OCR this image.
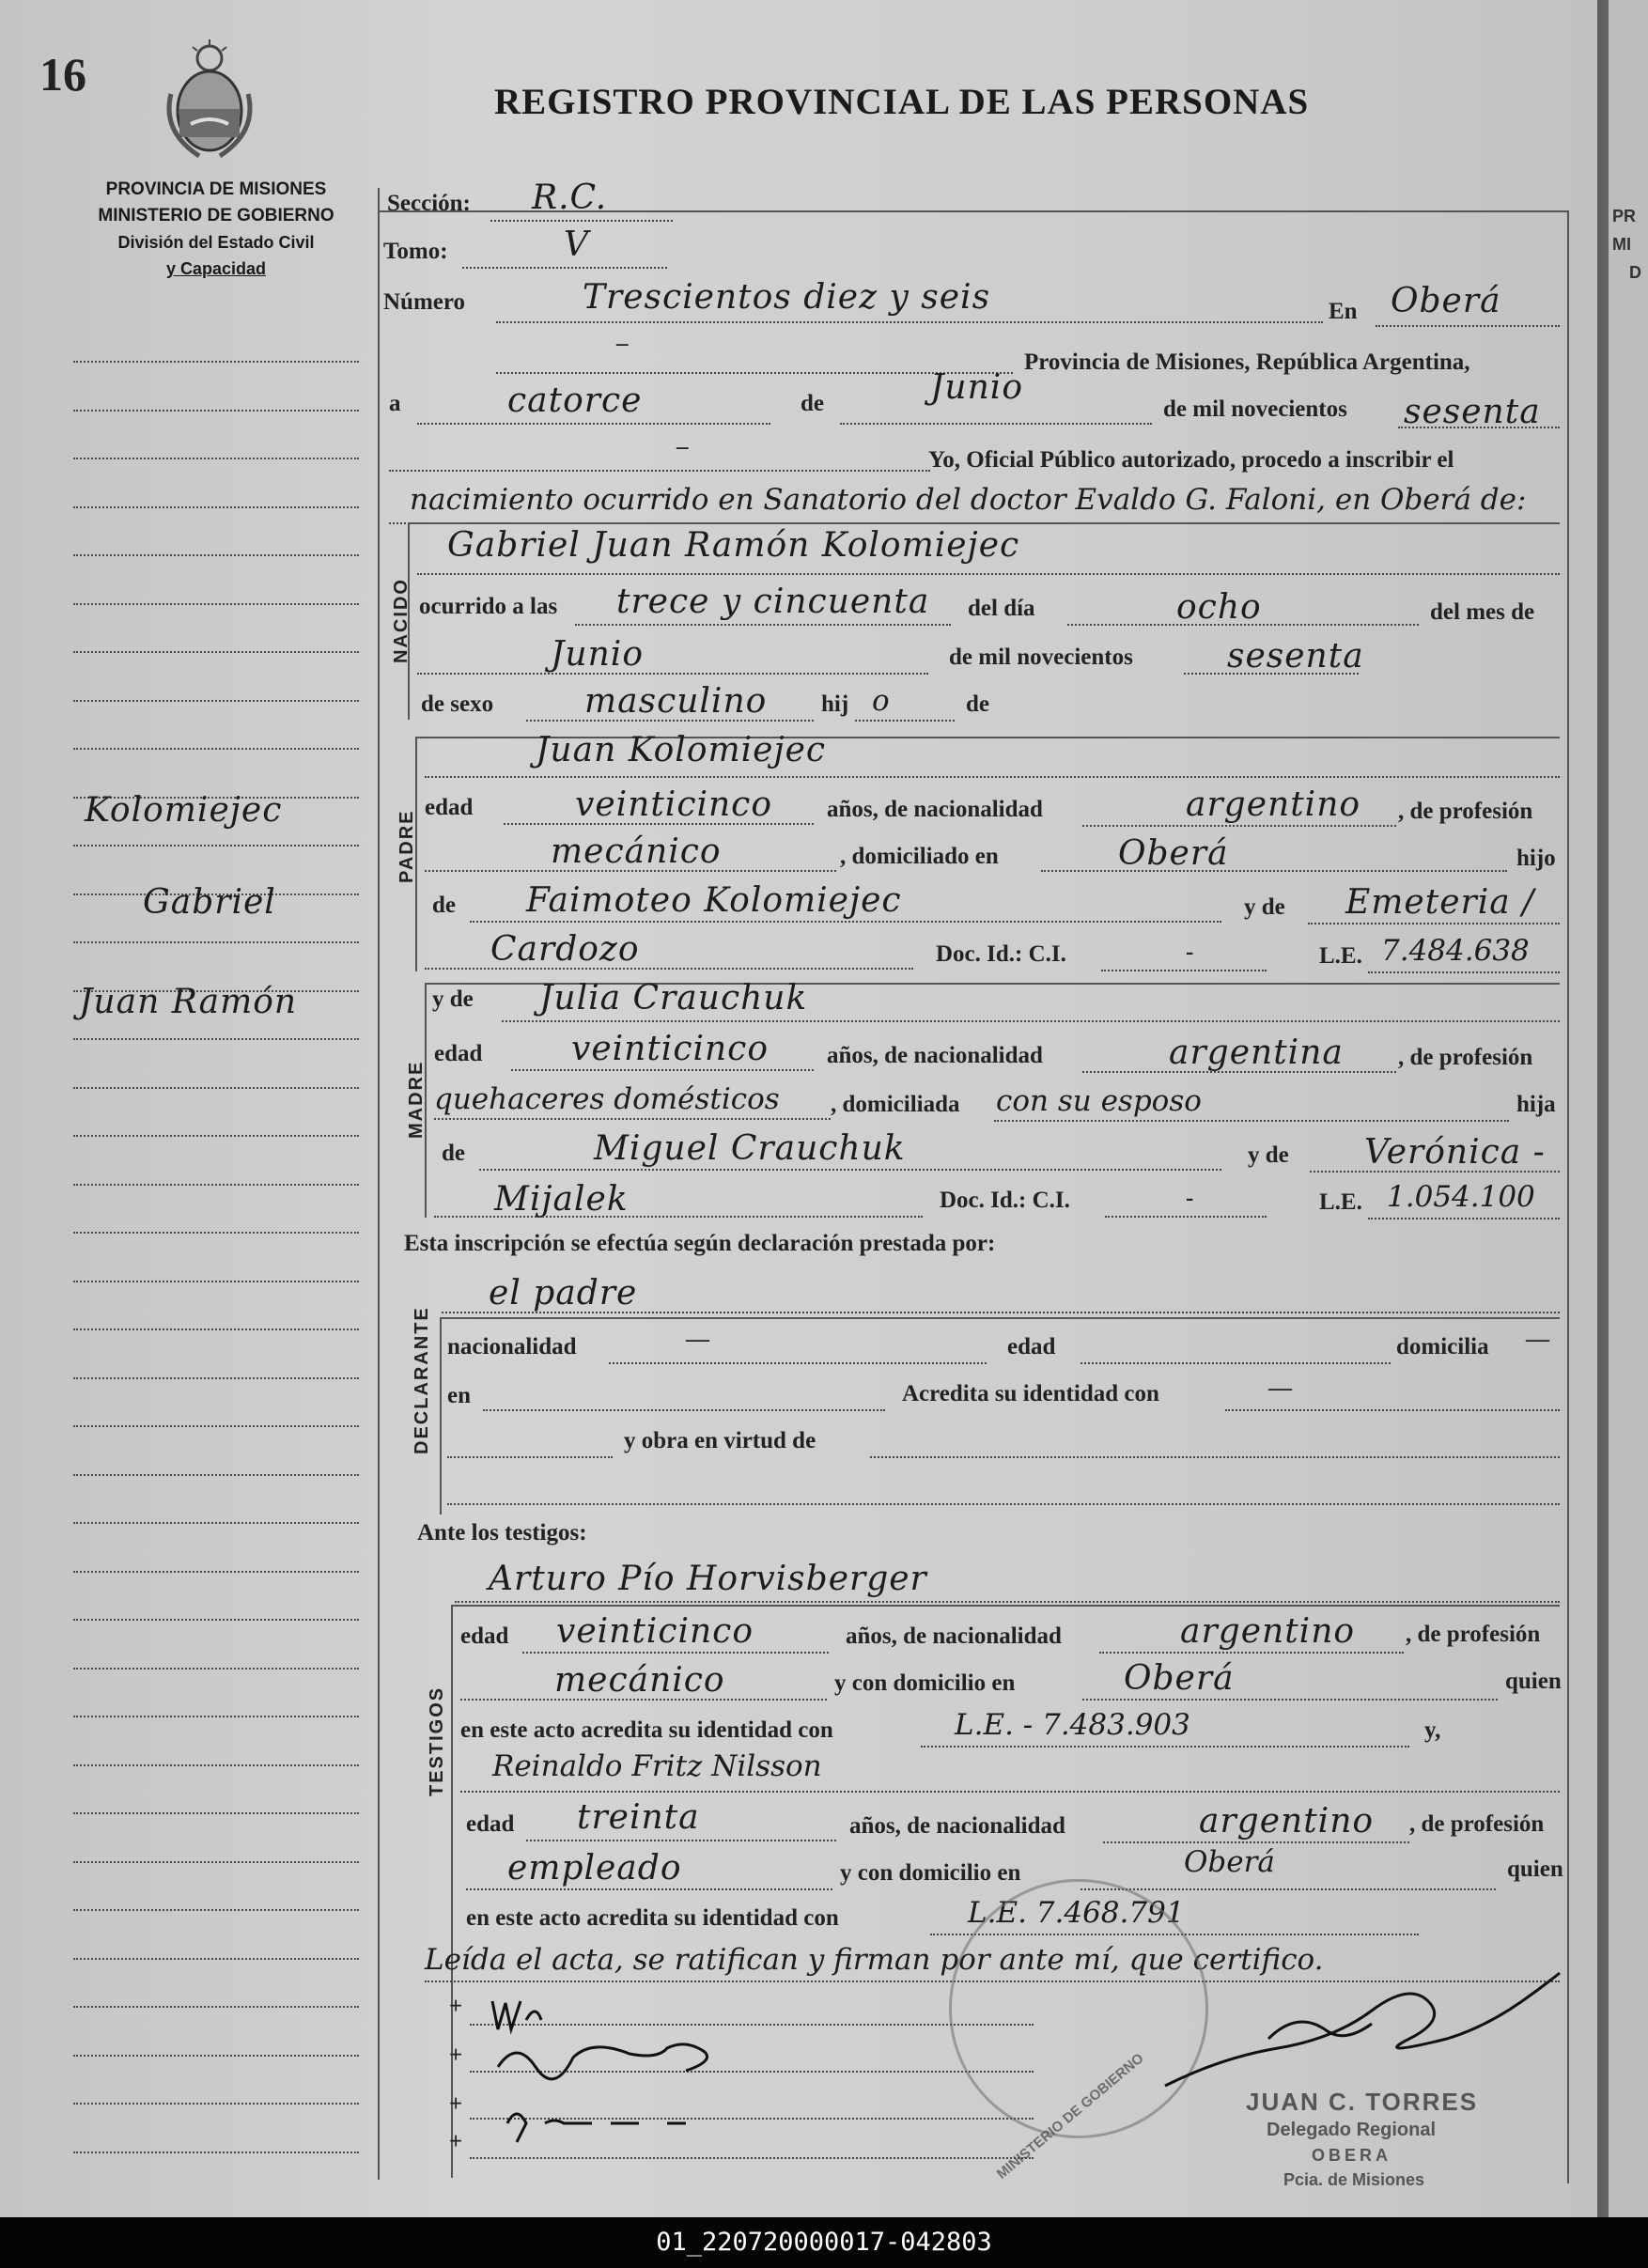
16
REGISTRO PROVINCIAL DE LAS PERSONAS
PROVINCIA DE MISIONES
MINISTERIO DE GOBIERNO
División del Estado Civil
y Capacidad
Kolomiejec
Gabriel
Juan Ramón
Sección: R.C.
Tomo:	V
Número	Trescientos diez y seis	En Oberá
–
Provincia de Misiones, República Argentina,
a	catorce	de	Junio
de mil novecientos sesenta
–
Yo, Oficial Público autorizado, procedo a inscribir el
nacimiento ocurrido en Sanatorio del doctor Evaldo G. Faloni, en Oberá de:
NACIDO
Gabriel Juan Ramón Kolomiejec
ocurrido a las trece y cincuenta del día	ocho	del mes de
Junio	de mil novecientos	sesenta
de sexo	masculino hij o	de
PADRE
Juan Kolomiejec
edad	veinticinco años, de nacionalidad	argentino , de profesión
mecánico	, domiciliado en	Oberá	hijo
de Faimoteo Kolomiejec	y de Emeteria /
Cardozo	Doc. Id.: C.I.	-	L.E. 7.484.638
MADRE
y de Julia Crauchuk
edad	veinticinco años, de nacionalidad	argentina , de profesión
quehaceres domésticos , domiciliada con su esposo	hija
de	Miguel Crauchuk	y de Verónica -
Mijalek	Doc. Id.: C.I.	-	L.E. 1.054.100
Esta inscripción se efectúa según declaración prestada por:
el padre
DECLARANTE nacionalidad	—	edad	domicilia —
en	Acredita su identidad con	—
y obra en virtud de
Ante los testigos:
Arturo Pío Horvisberger
TESTIGOS
edad veinticinco	años, de nacionalidad	argentino , de profesión
mecánico	y con domicilio en	Oberá	quien
en este acto acredita su identidad con	L.E. - 7.483.903	y,
Reinaldo Fritz Nilsson
edad treinta	años, de nacionalidad	argentino , de profesión
empleado	y con domicilio en	Oberá	quien
en este acto acredita su identidad con	L.E. 7.468.791
Leída el acta, se ratifican y firman por ante mí, que certifico.
+
+
+
+	MINISTERIO DE GOBIERNO	JUAN C. TORRES
Delegado Regional
OBERA
Pcia. de Misiones
PR
MI
D
01_220720000017-042803
